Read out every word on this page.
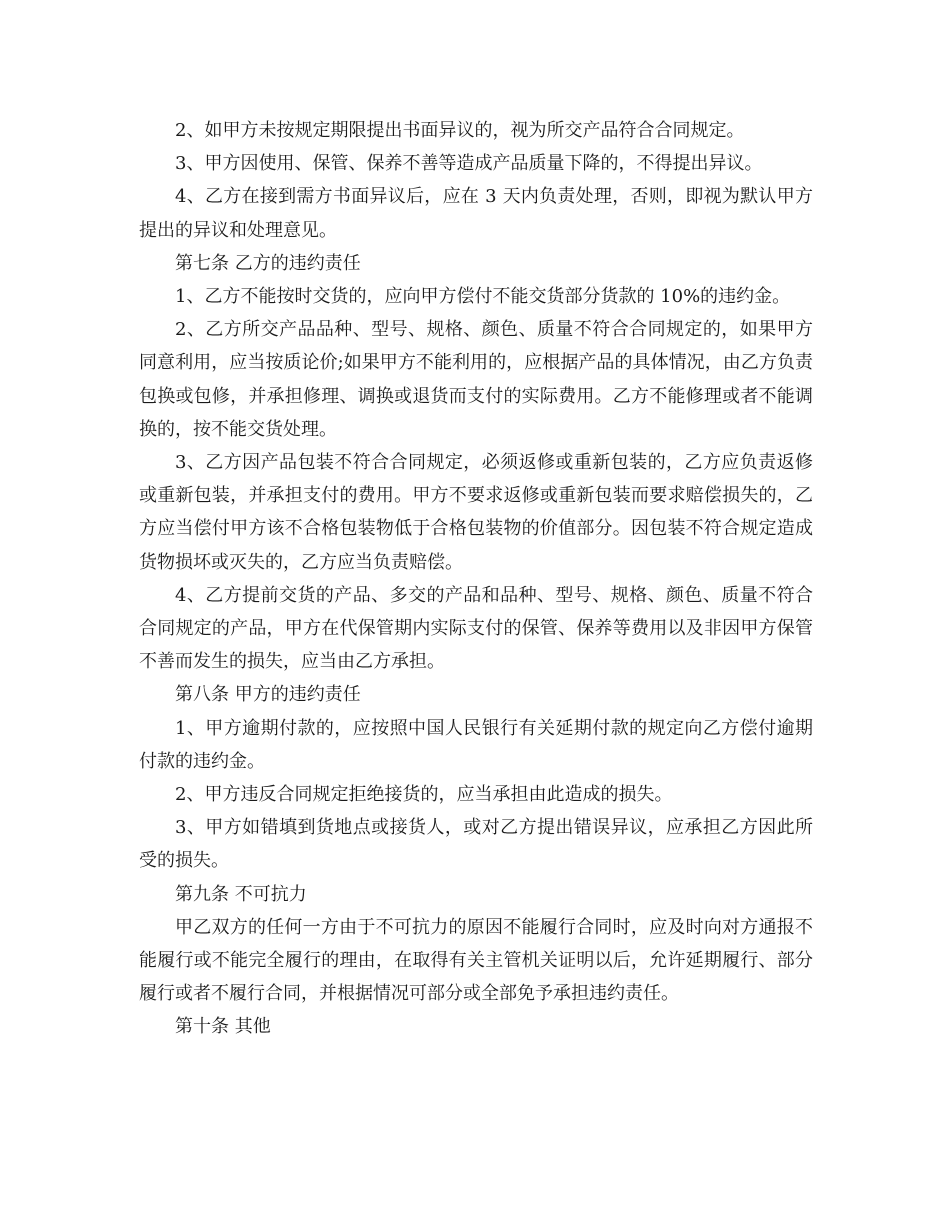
2、如甲方未按规定期限提出书面异议的，视为所交产品符合合同规定。

3、甲方因使用、保管、保养不善等造成产品质量下降的，不得提出异议。

4、乙方在接到需方书面异议后，应在 3 天内负责处理，否则，即视为默认甲方提出的异议和处理意见。

第七条 乙方的违约责任

1、乙方不能按时交货的，应向甲方偿付不能交货部分货款的 10%的违约金。

2、乙方所交产品品种、型号、规格、颜色、质量不符合合同规定的，如果甲方同意利用，应当按质论价;如果甲方不能利用的，应根据产品的具体情况，由乙方负责包换或包修，并承担修理、调换或退货而支付的实际费用。乙方不能修理或者不能调换的，按不能交货处理。

3、乙方因产品包装不符合合同规定，必须返修或重新包装的，乙方应负责返修或重新包装，并承担支付的费用。甲方不要求返修或重新包装而要求赔偿损失的，乙方应当偿付甲方该不合格包装物低于合格包装物的价值部分。因包装不符合规定造成货物损坏或灭失的，乙方应当负责赔偿。

4、乙方提前交货的产品、多交的产品和品种、型号、规格、颜色、质量不符合合同规定的产品，甲方在代保管期内实际支付的保管、保养等费用以及非因甲方保管不善而发生的损失，应当由乙方承担。

第八条 甲方的违约责任

1、甲方逾期付款的，应按照中国人民银行有关延期付款的规定向乙方偿付逾期付款的违约金。

2、甲方违反合同规定拒绝接货的，应当承担由此造成的损失。

3、甲方如错填到货地点或接货人，或对乙方提出错误异议，应承担乙方因此所受的损失。

第九条 不可抗力

甲乙双方的任何一方由于不可抗力的原因不能履行合同时，应及时向对方通报不能履行或不能完全履行的理由，在取得有关主管机关证明以后，允许延期履行、部分履行或者不履行合同，并根据情况可部分或全部免予承担违约责任。

第十条 其他
